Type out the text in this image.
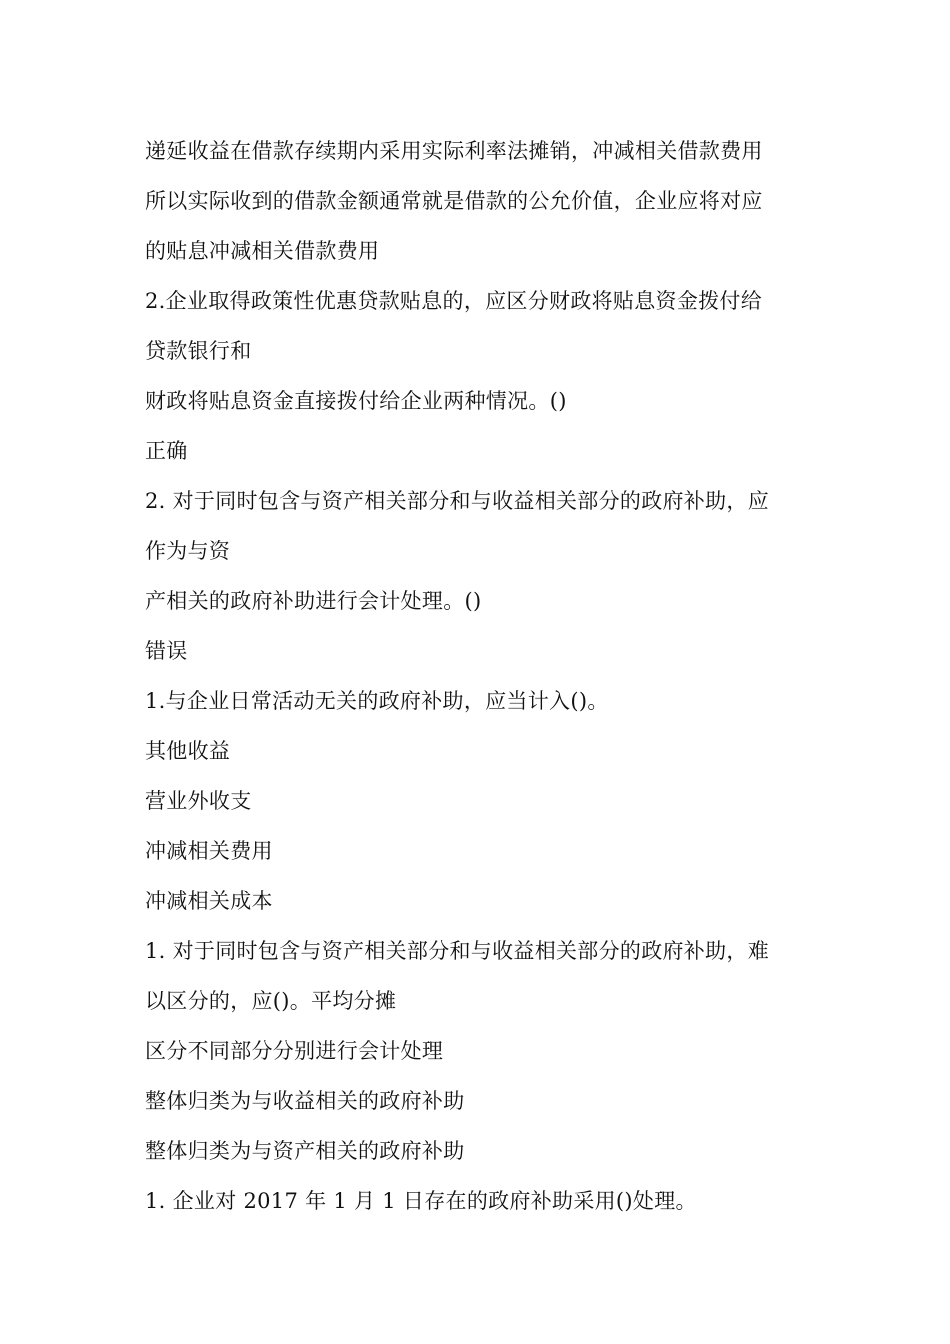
递延收益在借款存续期内采用实际利率法摊销，冲减相关借款费用
所以实际收到的借款金额通常就是借款的公允价值，企业应将对应
的贴息冲减相关借款费用
2.企业取得政策性优惠贷款贴息的，应区分财政将贴息资金拨付给
贷款银行和
财政将贴息资金直接拨付给企业两种情况。()
正确
2. 对于同时包含与资产相关部分和与收益相关部分的政府补助，应
作为与资
产相关的政府补助进行会计处理。()
错误
1.与企业日常活动无关的政府补助，应当计入()。
其他收益
营业外收支
冲减相关费用
冲减相关成本
1. 对于同时包含与资产相关部分和与收益相关部分的政府补助，难
以区分的，应()。平均分摊
区分不同部分分别进行会计处理
整体归类为与收益相关的政府补助
整体归类为与资产相关的政府补助
1. 企业对 2017 年 1 月 1 日存在的政府补助采用()处理。
